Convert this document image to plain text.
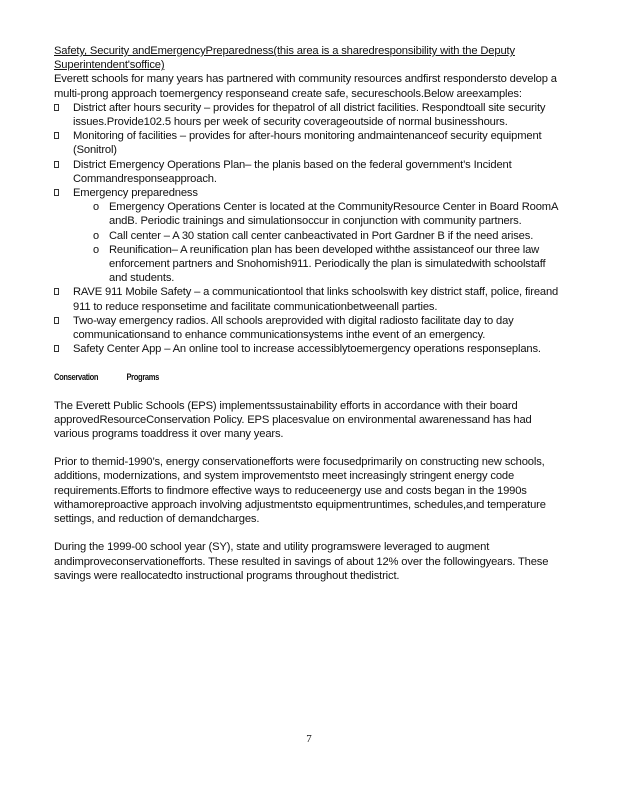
Safety, Security andEmergencyPreparedness(this area is a sharedresponsibility with the Deputy Superintendent'soffice)

Everett schools for many years has partnered with community resources andfirst respondersto develop a multi-prong approach toemergency responseand create safe, secureschools.Below areexamples:

District after hours security – provides for thepatrol of all district facilities. Respondtoall site security issues.Provide102.5 hours per week of security coverageoutside of normal businesshours.
Monitoring of facilities – provides for after-hours monitoring andmaintenanceof security equipment (Sonitrol)
District Emergency Operations Plan– the planis based on the federal government’s Incident Commandresponseapproach.
Emergency preparedness
o Emergency Operations Center is located at the CommunityResource Center in Board RoomA andB. Periodic trainings and simulationsoccur in conjunction with community partners.
o Call center – A 30 station call center canbeactivated in Port Gardner B if the need arises.
o Reunification– A reunification plan has been developed withthe assistanceof our three law enforcement partners and Snohomish911. Periodically the plan is simulatedwith schoolstaff and students.
RAVE 911 Mobile Safety – a communicationtool that links schoolswith key district staff, police, fireand 911 to reduce responsetime and facilitate communicationbetweenall parties.
Two-way emergency radios. All schools areprovided with digital radiosto facilitate day to day communicationsand to enhance communicationsystems inthe event of an emergency.
Safety Center App – An online tool to increase accessiblytoemergency operations responseplans.
Conservation	Programs

The Everett Public Schools (EPS) implementssustainability efforts in accordance with their board approvedResourceConservation Policy. EPS placesvalue on environmental awarenessand has had various programs toaddress it over many years.

Prior to themid-1990’s, energy conservationefforts were focusedprimarily on constructing new schools, additions, modernizations, and system improvementsto meet increasingly stringent energy code requirements.Efforts to findmore effective ways to reduceenergy use and costs began in the 1990s withamoreproactive approach involving adjustmentsto equipmentruntimes, schedules,and temperature settings, and reduction of demandcharges.

During the 1999-00 school year (SY), state and utility programswere leveraged to augment andimproveconservationefforts. These resulted in savings of about 12% over the followingyears. These savings were reallocatedto instructional programs throughout thedistrict.

7
